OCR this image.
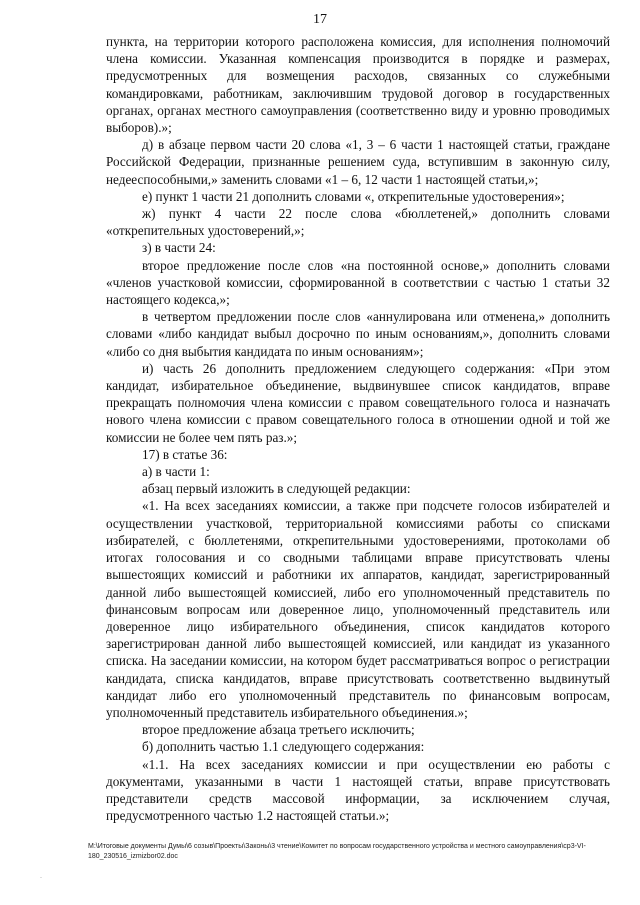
17

пункта, на территории которого расположена комиссия, для исполнения полномочий члена комиссии. Указанная компенсация производится в порядке и размерах, предусмотренных для возмещения расходов, связанных со служебными командировками, работникам, заключившим трудовой договор в государственных органах, органах местного самоуправления (соответственно виду и уровню проводимых выборов).»;

д) в абзаце первом части 20 слова «1, 3 – 6 части 1 настоящей статьи, граждане Российской Федерации, признанные решением суда, вступившим в законную силу, недееспособными,» заменить словами «1 – 6, 12 части 1 настоящей статьи,»;

е) пункт 1 части 21 дополнить словами «, открепительные удостоверения»;

ж) пункт 4 части 22 после слова «бюллетеней,» дополнить словами «открепительных удостоверений,»;

з) в части 24:

второе предложение после слов «на постоянной основе,» дополнить словами «членов участковой комиссии, сформированной в соответствии с частью 1 статьи 32 настоящего кодекса,»;

в четвертом предложении после слов «аннулирована или отменена,» дополнить словами «либо кандидат выбыл досрочно по иным основаниям,», дополнить словами «либо со дня выбытия кандидата по иным основаниям»;

и) часть 26 дополнить предложением следующего содержания: «При этом кандидат, избирательное объединение, выдвинувшее список кандидатов, вправе прекращать полномочия члена комиссии с правом совещательного голоса и назначать нового члена комиссии с правом совещательного голоса в отношении одной и той же комиссии не более чем пять раз.»;

17) в статье 36:

а) в части 1:

абзац первый изложить в следующей редакции:

«1. На всех заседаниях комиссии, а также при подсчете голосов избирателей и осуществлении участковой, территориальной комиссиями работы со списками избирателей, с бюллетенями, открепительными удостоверениями, протоколами об итогах голосования и со сводными таблицами вправе присутствовать члены вышестоящих комиссий и работники их аппаратов, кандидат, зарегистрированный данной либо вышестоящей комиссией, либо его уполномоченный представитель по финансовым вопросам или доверенное лицо, уполномоченный представитель или доверенное лицо избирательного объединения, список кандидатов которого зарегистрирован данной либо вышестоящей комиссией, или кандидат из указанного списка. На заседании комиссии, на котором будет рассматриваться вопрос о регистрации кандидата, списка кандидатов, вправе присутствовать соответственно выдвинутый кандидат либо его уполномоченный представитель по финансовым вопросам, уполномоченный представитель избирательного объединения.»;

второе предложение абзаца третьего исключить;

б) дополнить частью 1.1 следующего содержания:

«1.1. На всех заседаниях комиссии и при осуществлении ею работы с документами, указанными в части 1 настоящей статьи, вправе присутствовать представители средств массовой информации, за исключением случая, предусмотренного частью 1.2 настоящей статьи.»;

M:\Итоговые документы Думы\6 созыв\Проекты\Законы\3 чтение\Комитет по вопросам государственного устройства и местного самоуправления\ср3-VI-180_230516_izmizbor02.doc
·
